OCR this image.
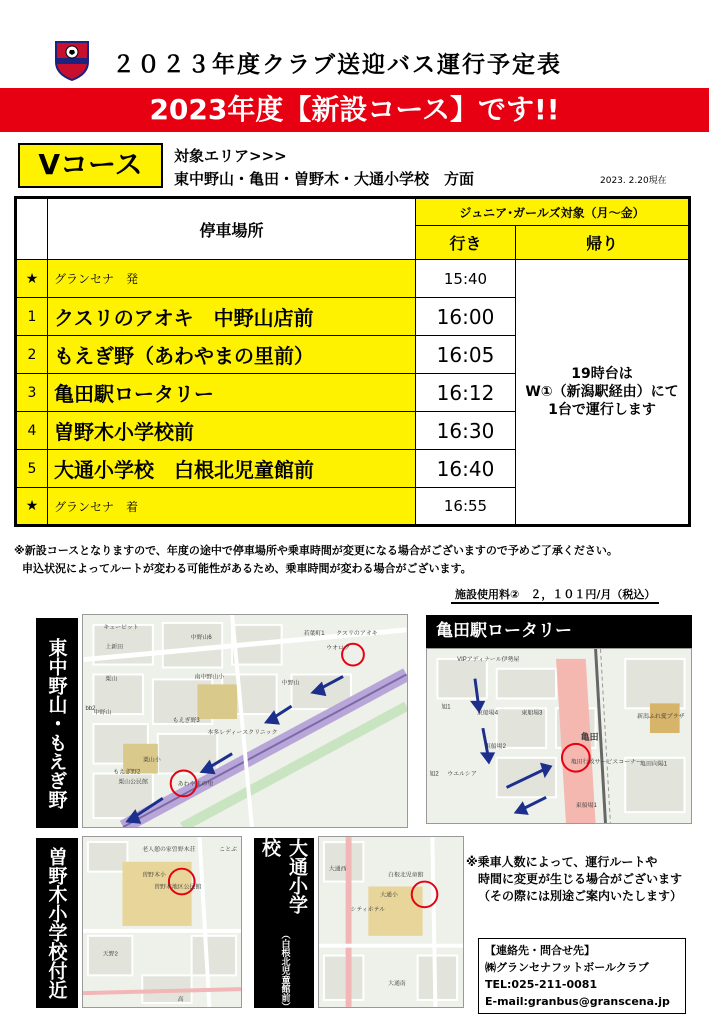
２０２３年度クラブ送迎バス運行予定表
2023年度【新設コース】です!!
Vコース	対象エリア>>>
東中野山・亀田・曽野木・大通小学校　方面	2023. 2.20現在
	停車場所	ジュニア･ガールズ対象（月～金）	
		行き	帰り
★	グランセナ　発	15:40	19時台は
W①（新潟駅経由）にて
1台で運行します

1	クスリのアオキ　中野山店前	16:00	
2	もえぎ野（あわやまの里前）	16:05	
3	亀田駅ロータリー	16:12	
4	曽野木小学校前	16:30	
5	大通小学校　白根北児童館前	16:40	
★	グランセナ　着	16:55	
※新設コースとなりますので、年度の途中で停車場所や乗車時間が変更になる場合がございますので予めご了承ください。
申込状況によってルートが変わる可能性があるため、乗車時間が変わる場合がございます。
施設使用料②　２，１０１円/月（税込）
東中野山・もえぎ野
キューピット
上新田
中野山6
若葉町1 クスリのアオキ
ウオロク
粟山	南中野山小
中野山
本多レディースクリニック
もえぎ野3
もえぎ野2
粟山小
あわやまの里
中野山
bb2
粟山公民館
亀田駅ロータリー
VIPアディナール伊勢屋
東船場4	東船場3
東船場2
東船場1
ウエルシア
亀田
亀田行政サービスコーナー
新潟ふれ愛プラザ
亀田向陽1
旭1
旭2
曽野木小学校付近	老人憩の家曽野木荘
曽野木小
曽野木地区公民館
天野2
ことぶ
高
大通小学校
（白根北児童館前）
大通西
大通小
シティホテル
大通南
白根北児童館
※乗車人数によって、運行ルートや
時間に変更が生じる場合がございます
（その際には別途ご案内いたします）
【連絡先・問合せ先】
㈱グランセナフットボールクラブ
TEL:025-211-0081
E-mail:granbus@granscena.jp
